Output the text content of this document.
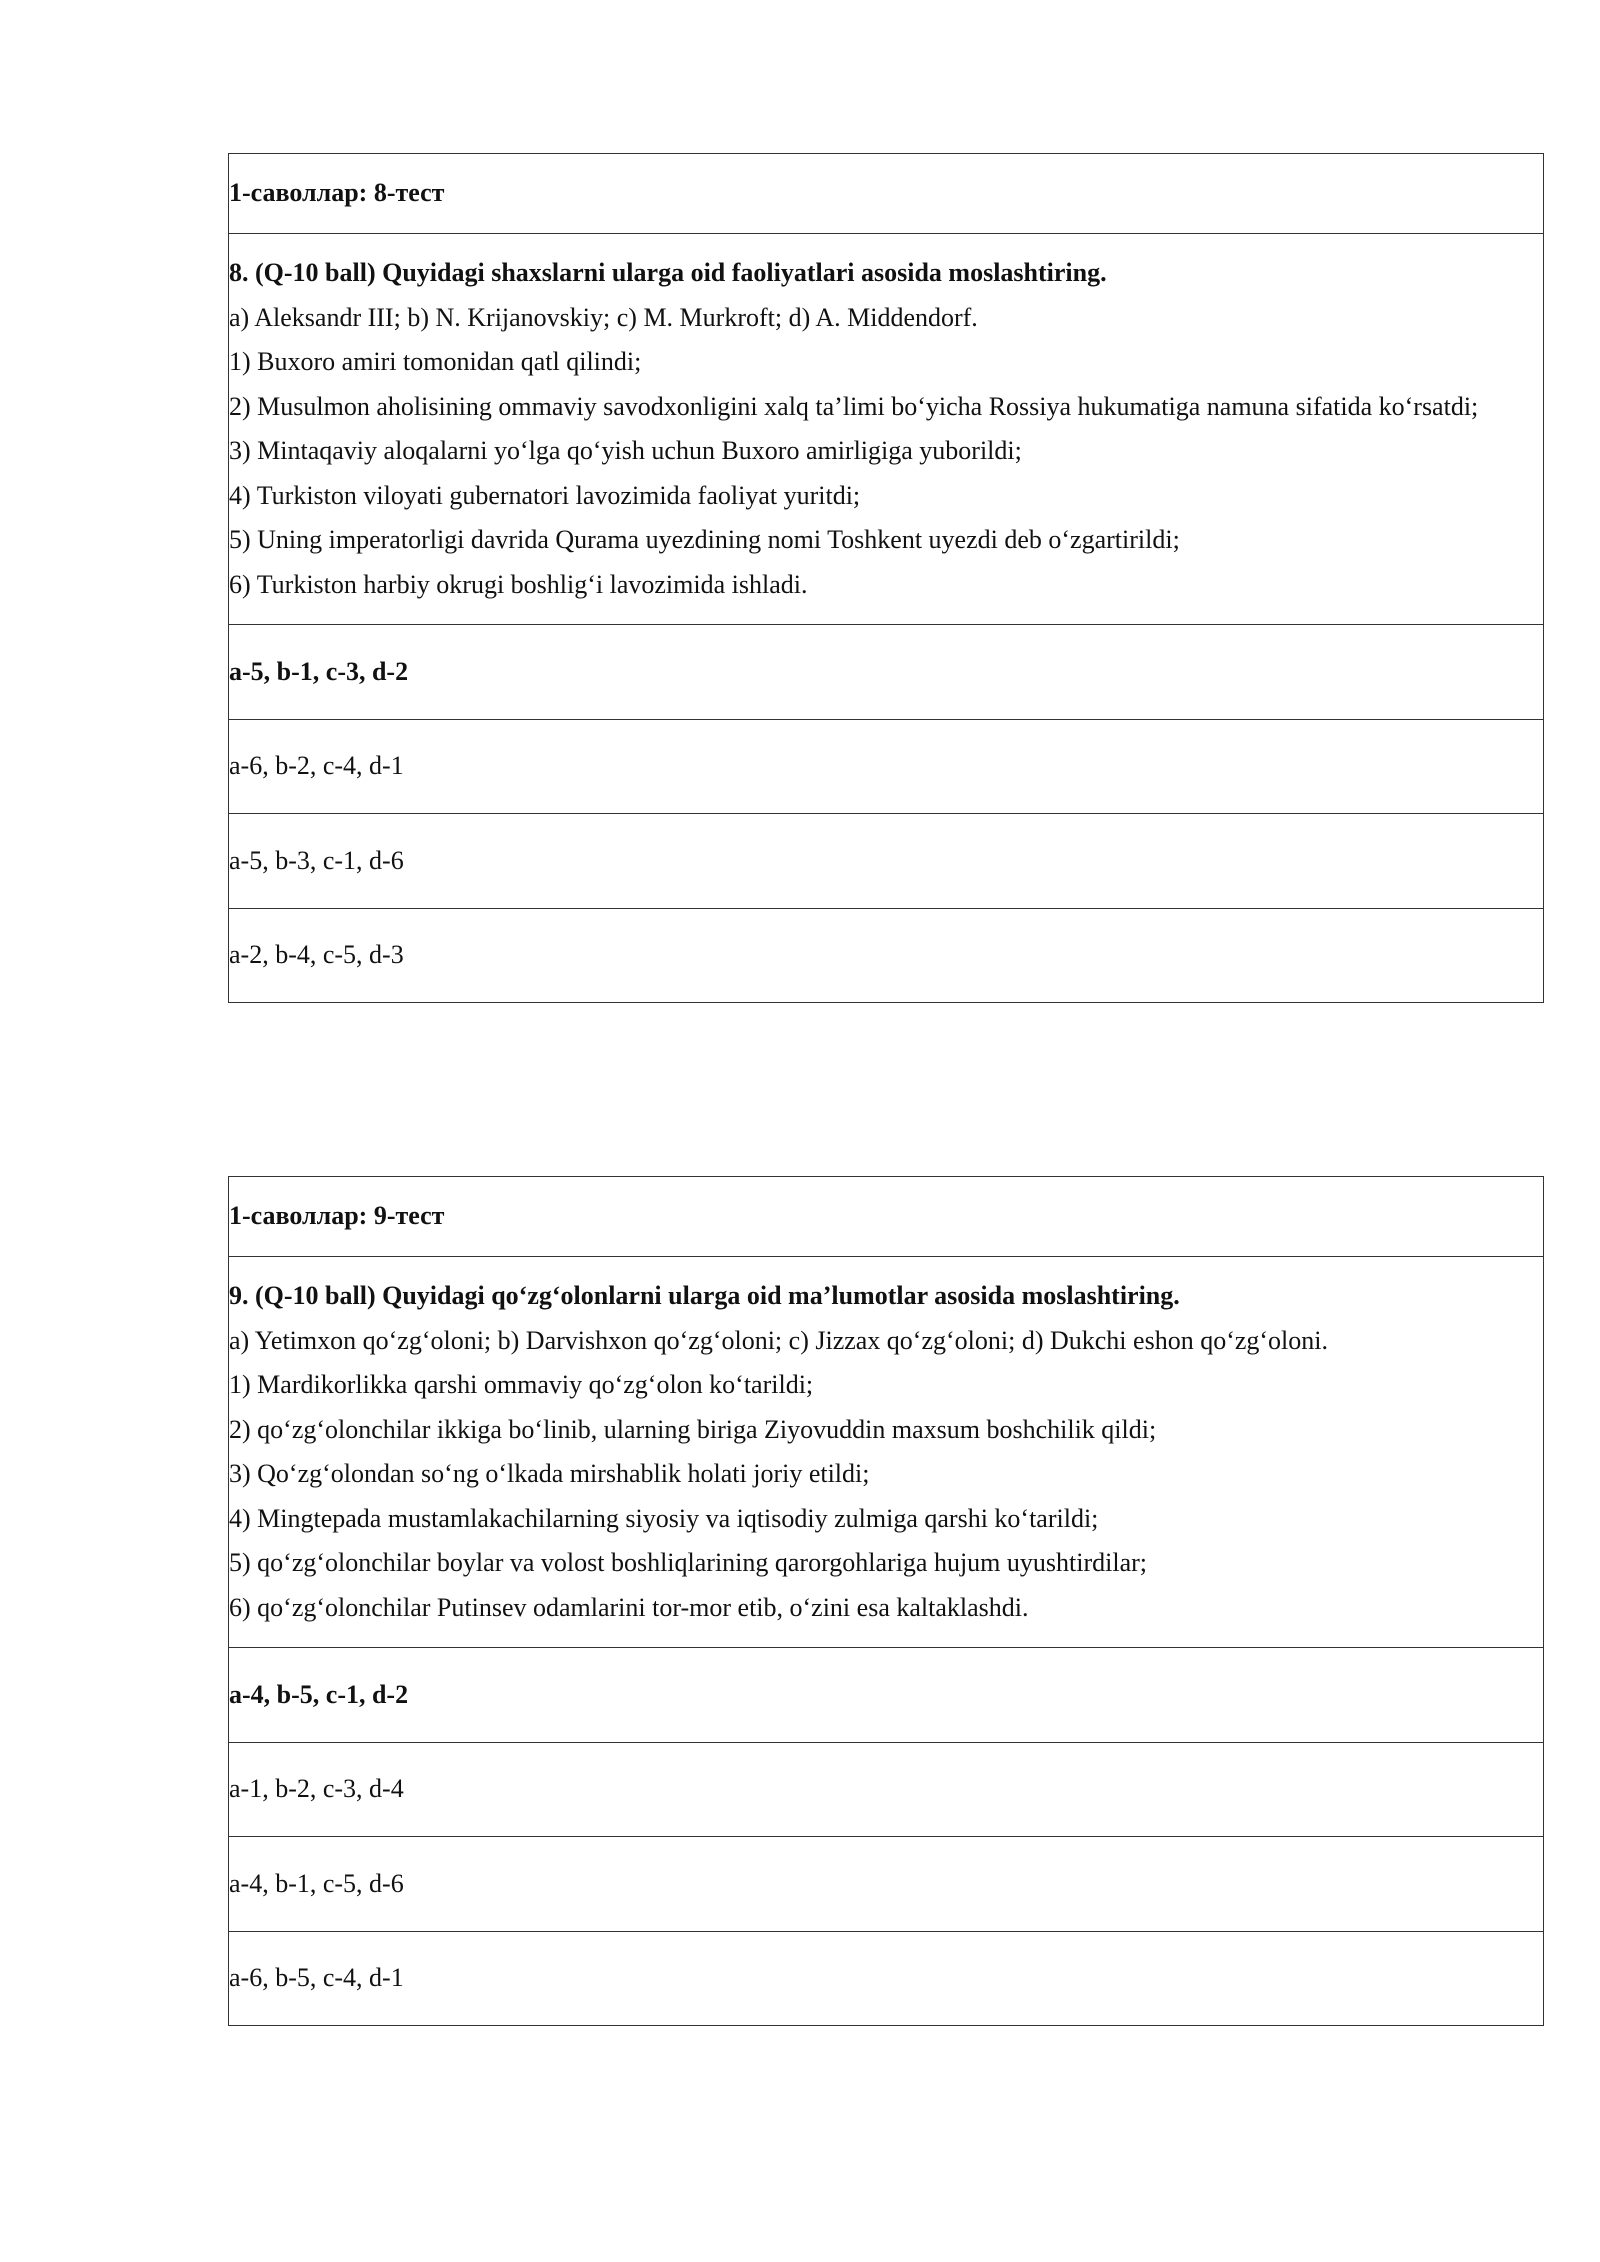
1-саволлар: 8-тест
8. (Q-10 ball) Quyidagi shaxslarni ularga oid faoliyatlari asosida moslashtiring.
a) Aleksandr III; b) N. Krijanovskiy; c) M. Murkroft; d) A. Middendorf.
1) Buxoro amiri tomonidan qatl qilindi;
2) Musulmon aholisining ommaviy savodxonligini xalq ta’limi bo‘yicha Rossiya hukumatiga namuna sifatida ko‘rsatdi;
3) Mintaqaviy aloqalarni yo‘lga qo‘yish uchun Buxoro amirligiga yuborildi;
4) Turkiston viloyati gubernatori lavozimida faoliyat yuritdi;
5) Uning imperatorligi davrida Qurama uyezdining nomi Toshkent uyezdi deb o‘zgartirildi;
6) Turkiston harbiy okrugi boshlig‘i lavozimida ishladi.
a-5, b-1, c-3, d-2
a-6, b-2, c-4, d-1
a-5, b-3, c-1, d-6
a-2, b-4, c-5, d-3
1-саволлар: 9-тест
9. (Q-10 ball) Quyidagi qo‘zg‘olonlarni ularga oid ma’lumotlar asosida moslashtiring.
a) Yetimxon qo‘zg‘oloni; b) Darvishxon qo‘zg‘oloni; c) Jizzax qo‘zg‘oloni; d) Dukchi eshon qo‘zg‘oloni.
1) Mardikorlikka qarshi ommaviy qo‘zg‘olon ko‘tarildi;
2) qo‘zg‘olonchilar ikkiga bo‘linib, ularning biriga Ziyovuddin maxsum boshchilik qildi;
3) Qo‘zg‘olondan so‘ng o‘lkada mirshablik holati joriy etildi;
4) Mingtepada mustamlakachilarning siyosiy va iqtisodiy zulmiga qarshi ko‘tarildi;
5) qo‘zg‘olonchilar boylar va volost boshliqlarining qarorgohlariga hujum uyushtirdilar;
6) qo‘zg‘olonchilar Putinsev odamlarini tor-mor etib, o‘zini esa kaltaklashdi.
a-4, b-5, c-1, d-2
a-1, b-2, c-3, d-4
a-4, b-1, c-5, d-6
a-6, b-5, c-4, d-1
